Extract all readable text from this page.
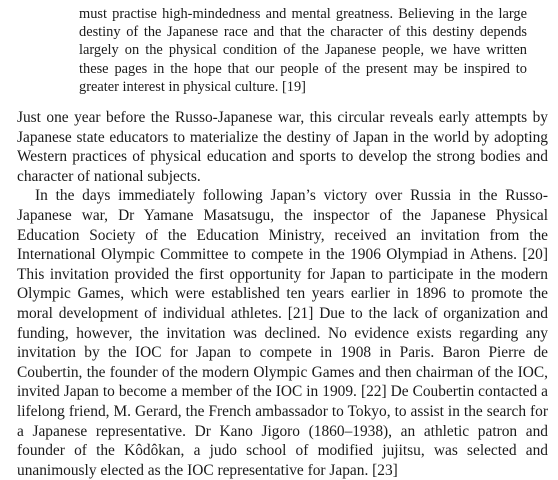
must practise high-mindedness and mental greatness. Believing in the large destiny of the Japanese race and that the character of this destiny depends largely on the physical condition of the Japanese people, we have written these pages in the hope that our people of the present may be inspired to greater interest in physical culture. [19]

Just one year before the Russo-Japanese war, this circular reveals early attempts by Japanese state educators to materialize the destiny of Japan in the world by adopting Western practices of physical education and sports to develop the strong bodies and character of national subjects.

In the days immediately following Japan’s victory over Russia in the Russo-Japanese war, Dr Yamane Masatsugu, the inspector of the Japanese Physical Education Society of the Education Ministry, received an invitation from the International Olympic Committee to compete in the 1906 Olympiad in Athens. [20] This invitation provided the first opportunity for Japan to participate in the modern Olympic Games, which were established ten years earlier in 1896 to promote the moral development of individual athletes. [21] Due to the lack of organization and funding, however, the invitation was declined. No evidence exists regarding any invitation by the IOC for Japan to compete in 1908 in Paris. Baron Pierre de Coubertin, the founder of the modern Olympic Games and then chairman of the IOC, invited Japan to become a member of the IOC in 1909. [22] De Coubertin contacted a lifelong friend, M. Gerard, the French ambassador to Tokyo, to assist in the search for a Japanese representative. Dr Kano Jigoro (1860–1938), an athletic patron and founder of the Kôdôkan, a judo school of modified jujitsu, was selected and unanimously elected as the IOC representative for Japan. [23]
